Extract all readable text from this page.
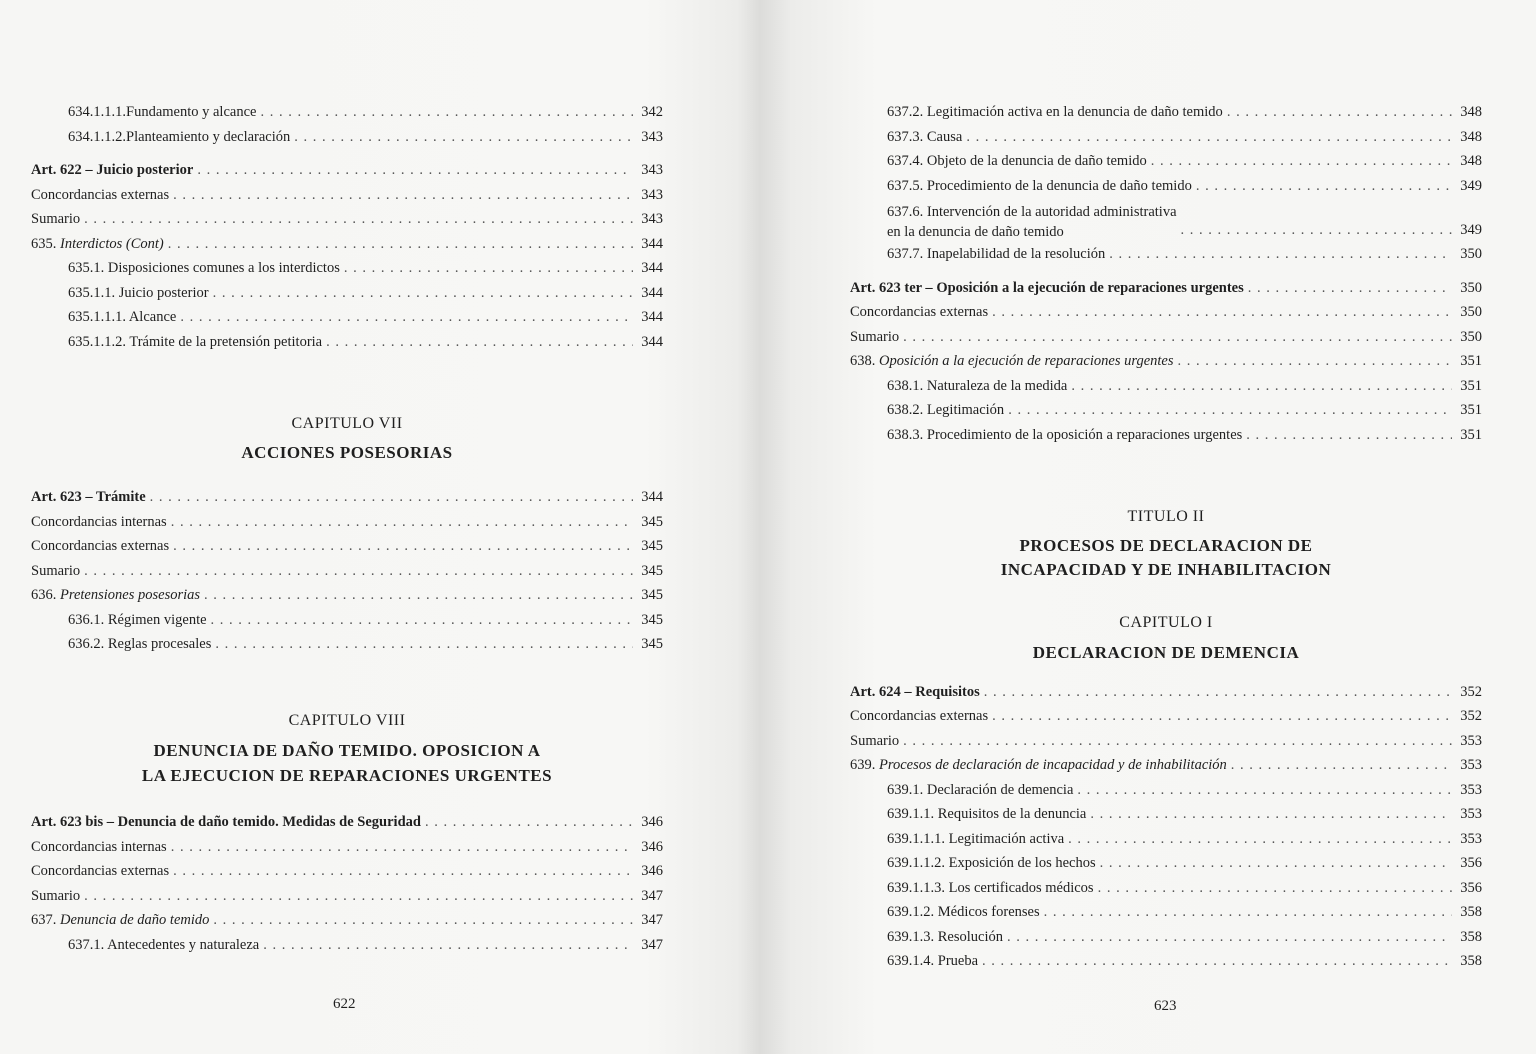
634.1.1.1.Fundamento y alcance . . .	342
634.1.1.2.Planteamiento y declaración . . .	343
Art. 622 – Juicio posterior . . .	343
Concordancias externas . . .	343
Sumario . . .	343
635. Interdictos (Cont) . . .	344
635.1. Disposiciones comunes a los interdictos . . .	344
635.1.1. Juicio posterior . . .	344
635.1.1.1. Alcance . . .	344
635.1.1.2. Trámite de la pretensión petitoria . . .	344
CAPITULO VII
ACCIONES POSESORIAS
Art. 623 – Trámite . . .	344
Concordancias internas . . .	345
Concordancias externas . . .	345
Sumario . . .	345
636. Pretensiones posesorias . . .	345
636.1. Régimen vigente . . .	345
636.2. Reglas procesales . . .	345
CAPITULO VIII
DENUNCIA DE DAÑO TEMIDO. OPOSICION A
LA EJECUCION DE REPARACIONES URGENTES
Art. 623 bis – Denuncia de daño temido. Medidas de Seguridad . . .	346
Concordancias internas . . .	346
Concordancias externas . . .	346
Sumario . . .	347
637. Denuncia de daño temido . . .	347
637.1. Antecedentes y naturaleza . . .	347
622
637.2. Legitimación activa en la denuncia de daño temido . . .	348
637.3. Causa . . .	348
637.4. Objeto de la denuncia de daño temido . . .	348
637.5. Procedimiento de la denuncia de daño temido . . .	349
637.6. Intervención de la autoridad administrativa
en la denuncia de daño temido . . .	349
637.7. Inapelabilidad de la resolución . . .	350
Art. 623 ter – Oposición a la ejecución de reparaciones urgentes . . .	350
Concordancias externas . . .	350
Sumario . . .	350
638. Oposición a la ejecución de reparaciones urgentes . . .	351
638.1. Naturaleza de la medida . . .	351
638.2. Legitimación . . .	351
638.3. Procedimiento de la oposición a reparaciones urgentes . . .	351
TITULO II
PROCESOS DE DECLARACION DE
INCAPACIDAD Y DE INHABILITACION
CAPITULO I
DECLARACION DE DEMENCIA
Art. 624 – Requisitos . . .	352
Concordancias externas . . .	352
Sumario . . .	353
639. Procesos de declaración de incapacidad y de inhabilitación . . .	353
639.1. Declaración de demencia . . .	353
639.1.1. Requisitos de la denuncia . . .	353
639.1.1.1. Legitimación activa . . .	353
639.1.1.2. Exposición de los hechos . . .	356
639.1.1.3. Los certificados médicos . . .	356
639.1.2. Médicos forenses . . .	358
639.1.3. Resolución . . .	358
639.1.4. Prueba . . .	358
623
